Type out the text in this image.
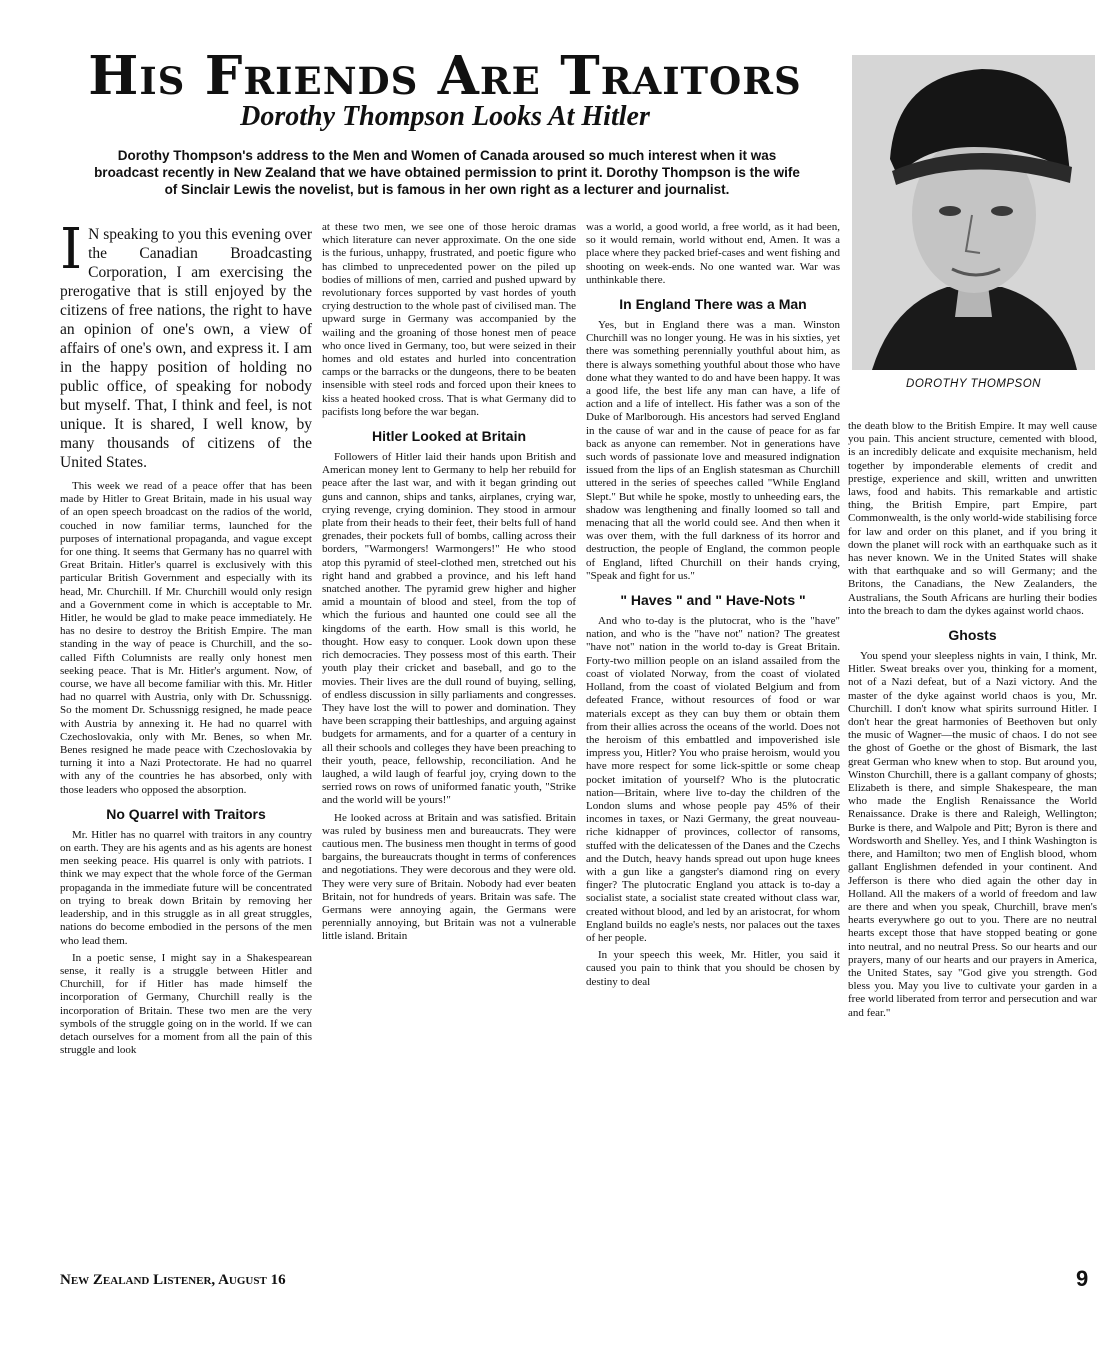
His Friends Are Traitors
Dorothy Thompson Looks At Hitler

Dorothy Thompson's address to the Men and Women of Canada aroused so much interest when it was broadcast recently in New Zealand that we have obtained permission to print it. Dorothy Thompson is the wife of Sinclair Lewis the novelist, but is famous in her own right as a lecturer and journalist.

DOROTHY THOMPSON

I N speaking to you this evening over the Canadian Broadcasting Corporation, I am exercising the prerogative that is still enjoyed by the citizens of free nations, the right to have an opinion of one's own, a view of affairs of one's own, and express it. I am in the happy position of holding no public office, of speaking for nobody but myself. That, I think and feel, is not unique. It is shared, I well know, by many thousands of citizens of the United States.

This week we read of a peace offer that has been made by Hitler to Great Britain, made in his usual way of an open speech broadcast on the radios of the world, couched in now familiar terms, launched for the purposes of international propaganda, and vague except for one thing. It seems that Germany has no quarrel with Great Britain. Hitler's quarrel is exclusively with this particular British Government and especially with its head, Mr. Churchill. If Mr. Churchill would only resign and a Government come in which is acceptable to Mr. Hitler, he would be glad to make peace immediately. He has no desire to destroy the British Empire. The man standing in the way of peace is Churchill, and the so-called Fifth Columnists are really only honest men seeking peace. That is Mr. Hitler's argument. Now, of course, we have all become familiar with this. Mr. Hitler had no quarrel with Austria, only with Dr. Schussnigg. So the moment Dr. Schussnigg resigned, he made peace with Austria by annexing it. He had no quarrel with Czechoslovakia, only with Mr. Benes, so when Mr. Benes resigned he made peace with Czechoslovakia by turning it into a Nazi Protectorate. He had no quarrel with any of the countries he has absorbed, only with those leaders who opposed the absorption.

No Quarrel with Traitors

Mr. Hitler has no quarrel with traitors in any country on earth. They are his agents and as his agents are honest men seeking peace. His quarrel is only with patriots. I think we may expect that the whole force of the German propaganda in the immediate future will be concentrated on trying to break down Britain by removing her leadership, and in this struggle as in all great struggles, nations do become embodied in the persons of the men who lead them.

In a poetic sense, I might say in a Shakespearean sense, it really is a struggle between Hitler and Churchill, for if Hitler has made himself the incorporation of Germany, Churchill really is the incorporation of Britain. These two men are the very symbols of the struggle going on in the world. If we can detach ourselves for a moment from all the pain of this struggle and look

at these two men, we see one of those heroic dramas which literature can never approximate. On the one side is the furious, unhappy, frustrated, and poetic figure who has climbed to unprecedented power on the piled up bodies of millions of men, carried and pushed upward by revolutionary forces supported by vast hordes of youth crying destruction to the whole past of civilised man. The upward surge in Germany was accompanied by the wailing and the groaning of those honest men of peace who once lived in Germany, too, but were seized in their homes and old estates and hurled into concentration camps or the barracks or the dungeons, there to be beaten insensible with steel rods and forced upon their knees to kiss a heated hooked cross. That is what Germany did to pacifists long before the war began.

Hitler Looked at Britain

Followers of Hitler laid their hands upon British and American money lent to Germany to help her rebuild for peace after the last war, and with it began grinding out guns and cannon, ships and tanks, airplanes, crying war, crying revenge, crying dominion. They stood in armour plate from their heads to their feet, their belts full of hand grenades, their pockets full of bombs, calling across their borders, "Warmongers! Warmongers!" He who stood atop this pyramid of steel-clothed men, stretched out his right hand and grabbed a province, and his left hand snatched another. The pyramid grew higher and higher amid a mountain of blood and steel, from the top of which the furious and haunted one could see all the kingdoms of the earth. How small is this world, he thought. How easy to conquer. Look down upon these rich democracies. They possess most of this earth. Their youth play their cricket and baseball, and go to the movies. Their lives are the dull round of buying, selling, of endless discussion in silly parliaments and congresses. They have lost the will to power and domination. They have been scrapping their battleships, and arguing against budgets for armaments, and for a quarter of a century in all their schools and colleges they have been preaching to their youth, peace, fellowship, reconciliation. And he laughed, a wild laugh of fearful joy, crying down to the serried rows on rows of uniformed fanatic youth, "Strike and the world will be yours!"

He looked across at Britain and was satisfied. Britain was ruled by business men and bureaucrats. They were cautious men. The business men thought in terms of good bargains, the bureaucrats thought in terms of conferences and negotiations. They were decorous and they were old. They were very sure of Britain. Nobody had ever beaten Britain, not for hundreds of years. Britain was safe. The Germans were annoying again, the Germans were perennially annoying, but Britain was not a vulnerable little island. Britain

was a world, a good world, a free world, as it had been, so it would remain, world without end, Amen. It was a place where they packed brief-cases and went fishing and shooting on week-ends. No one wanted war. War was unthinkable there.

In England There was a Man

Yes, but in England there was a man. Winston Churchill was no longer young. He was in his sixties, yet there was something perennially youthful about him, as there is always something youthful about those who have done what they wanted to do and have been happy. It was a good life, the best life any man can have, a life of action and a life of intellect. His father was a son of the Duke of Marlborough. His ancestors had served England in the cause of war and in the cause of peace for as far back as anyone can remember. Not in generations have such words of passionate love and measured indignation issued from the lips of an English statesman as Churchill uttered in the series of speeches called "While England Slept." But while he spoke, mostly to unheeding ears, the shadow was lengthening and finally loomed so tall and menacing that all the world could see. And then when it was over them, with the full darkness of its horror and destruction, the people of England, the common people of England, lifted Churchill on their hands crying, "Speak and fight for us."

" Haves " and " Have-Nots "

And who to-day is the plutocrat, who is the "have" nation, and who is the "have not" nation? The greatest "have not" nation in the world to-day is Great Britain. Forty-two million people on an island assailed from the coast of violated Norway, from the coast of violated Holland, from the coast of violated Belgium and from defeated France, without resources of food or war materials except as they can buy them or obtain them from their allies across the oceans of the world. Does not the heroism of this embattled and impoverished isle impress you, Hitler? You who praise heroism, would you have more respect for some lick-spittle or some cheap pocket imitation of yourself? Who is the plutocratic nation—Britain, where live to-day the children of the London slums and whose people pay 45% of their incomes in taxes, or Nazi Germany, the great nouveau-riche kidnapper of provinces, collector of ransoms, stuffed with the delicatessen of the Danes and the Czechs and the Dutch, heavy hands spread out upon huge knees with a gun like a gangster's diamond ring on every finger? The plutocratic England you attack is to-day a socialist state, a socialist state created without class war, created without blood, and led by an aristocrat, for whom England builds no eagle's nests, nor palaces out the taxes of her people.

In your speech this week, Mr. Hitler, you said it caused you pain to think that you should be chosen by destiny to deal

the death blow to the British Empire. It may well cause you pain. This ancient structure, cemented with blood, is an incredibly delicate and exquisite mechanism, held together by imponderable elements of credit and prestige, experience and skill, written and unwritten laws, food and habits. This remarkable and artistic thing, the British Empire, part Empire, part Commonwealth, is the only world-wide stabilising force for law and order on this planet, and if you bring it down the planet will rock with an earthquake such as it has never known. We in the United States will shake with that earthquake and so will Germany; and the Britons, the Canadians, the New Zealanders, the Australians, the South Africans are hurling their bodies into the breach to dam the dykes against world chaos.

Ghosts

You spend your sleepless nights in vain, I think, Mr. Hitler. Sweat breaks over you, thinking for a moment, not of a Nazi defeat, but of a Nazi victory. And the master of the dyke against world chaos is you, Mr. Churchill. I don't know what spirits surround Hitler. I don't hear the great harmonies of Beethoven but only the music of Wagner—the music of chaos. I do not see the ghost of Goethe or the ghost of Bismark, the last great German who knew when to stop. But around you, Winston Churchill, there is a gallant company of ghosts; Elizabeth is there, and simple Shakespeare, the man who made the English Renaissance the World Renaissance. Drake is there and Raleigh, Wellington; Burke is there, and Walpole and Pitt; Byron is there and Wordsworth and Shelley. Yes, and I think Washington is there, and Hamilton; two men of English blood, whom gallant Englishmen defended in your continent. And Jefferson is there who died again the other day in Holland. All the makers of a world of freedom and law are there and when you speak, Churchill, brave men's hearts everywhere go out to you. There are no neutral hearts except those that have stopped beating or gone into neutral, and no neutral Press. So our hearts and our prayers, many of our hearts and our prayers in America, the United States, say "God give you strength. God bless you. May you live to cultivate your garden in a free world liberated from terror and persecution and war and fear."

New Zealand Listener, August 16	9
